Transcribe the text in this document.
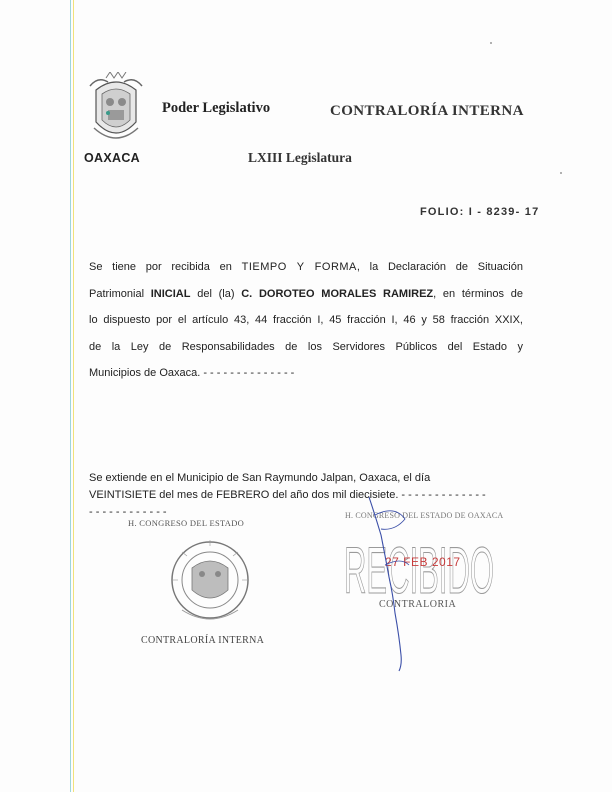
OAXACA
Poder Legislativo	CONTRALORÍA INTERNA
LXIII Legislatura
FOLIO: I - 8239- 17
Se tiene por recibida en TIEMPO Y FORMA, la Declaración de Situación
Patrimonial INICIAL del (la) C. DOROTEO MORALES RAMIREZ, en términos de
lo dispuesto por el artículo 43, 44 fracción I, 45 fracción I, 46 y 58 fracción XXIX,
de la Ley de Responsabilidades de los Servidores Públicos del Estado y
Municipios de Oaxaca. - - - - - - - - - - - - - -
Se extiende en el Municipio de San Raymundo Jalpan, Oaxaca, el día
VEINTISIETE del mes de FEBRERO del año dos mil diecisiete. - - - - - - - - - - - - -
- - - - - - - - - - - -
H. CONGRESO DEL ESTADO
CONTRALORÍA INTERNA
H. CONGRESO DEL ESTADO DE OAXACA
RECIBIDO
27 FEB 2017
CONTRALORIA
